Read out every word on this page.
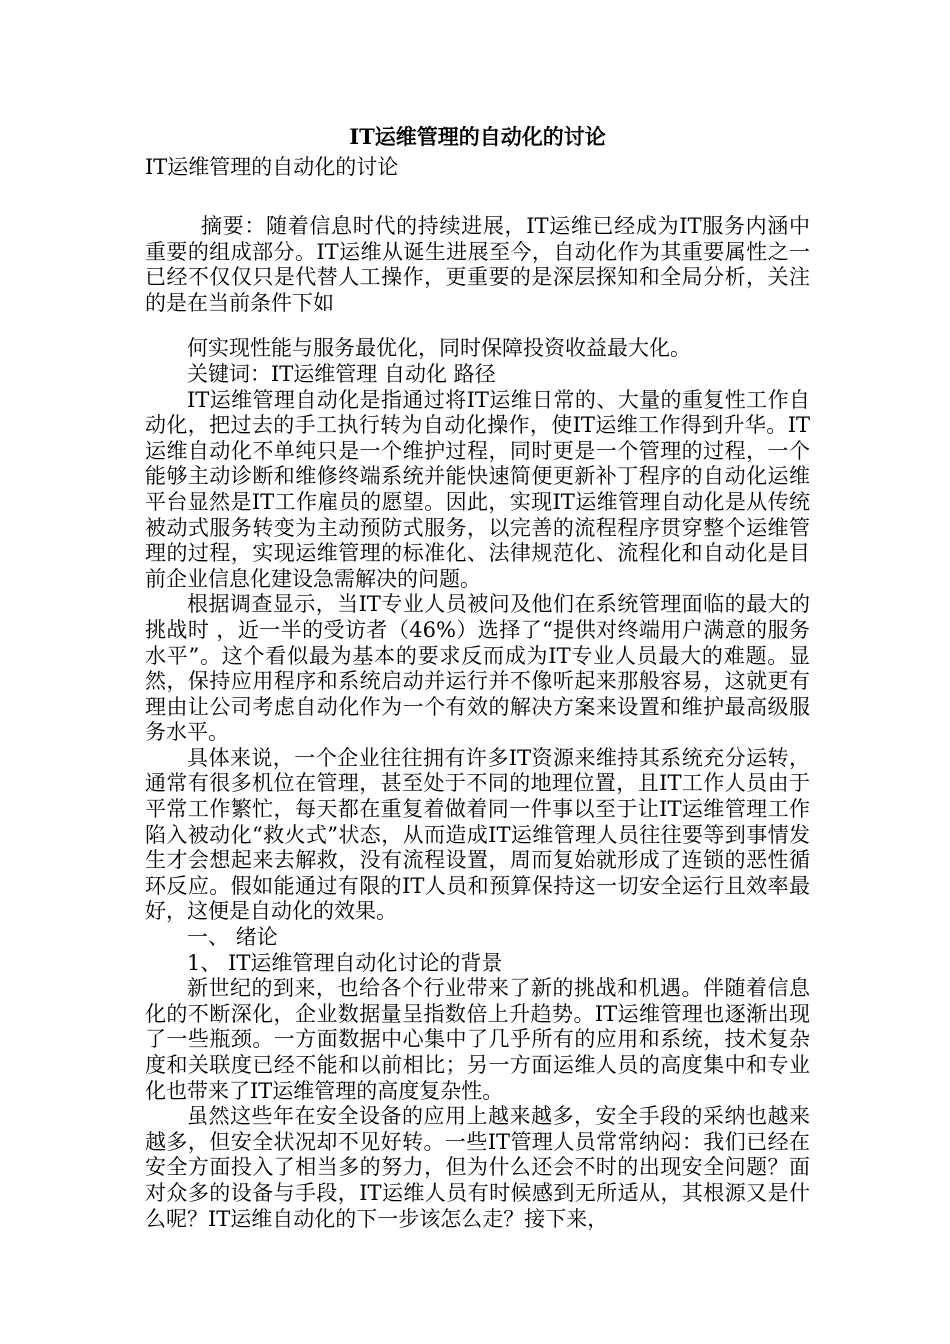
IT运维管理的自动化的讨论
IT运维管理的自动化的讨论

摘要：随着信息时代的持续进展，IT运维已经成为IT服务内涵中重要的组成部分。IT运维从诞生进展至今，自动化作为其重要属性之一已经不仅仅只是代替人工操作，更重要的是深层探知和全局分析，关注的是在当前条件下如

何实现性能与服务最优化，同时保障投资收益最大化。

关键词：IT运维管理 自动化 路径

IT运维管理自动化是指通过将IT运维日常的、大量的重复性工作自动化，把过去的手工执行转为自动化操作，使IT运维工作得到升华。IT运维自动化不单纯只是一个维护过程，同时更是一个管理的过程，一个能够主动诊断和维修终端系统并能快速简便更新补丁程序的自动化运维平台显然是IT工作雇员的愿望。因此，实现IT运维管理自动化是从传统被动式服务转变为主动预防式服务，以完善的流程程序贯穿整个运维管理的过程，实现运维管理的标准化、法律规范化、流程化和自动化是目前企业信息化建设急需解决的问题。

根据调查显示，当IT专业人员被问及他们在系统管理面临的最大的挑战时 ，近一半的受访者（46%）选择了“提供对终端用户满意的服务水平”。这个看似最为基本的要求反而成为IT专业人员最大的难题。显然，保持应用程序和系统启动并运行并不像听起来那般容易，这就更有理由让公司考虑自动化作为一个有效的解决方案来设置和维护最高级服务水平。

具体来说，一个企业往往拥有许多IT资源来维持其系统充分运转，通常有很多机位在管理，甚至处于不同的地理位置，且IT工作人员由于平常工作繁忙，每天都在重复着做着同一件事以至于让IT运维管理工作陷入被动化“救火式”状态，从而造成IT运维管理人员往往要等到事情发生才会想起来去解救，没有流程设置，周而复始就形成了连锁的恶性循环反应。假如能通过有限的IT人员和预算保持这一切安全运行且效率最好，这便是自动化的效果。

一、 绪论

1、 IT运维管理自动化讨论的背景

新世纪的到来，也给各个行业带来了新的挑战和机遇。伴随着信息化的不断深化，企业数据量呈指数倍上升趋势。IT运维管理也逐渐出现了一些瓶颈。一方面数据中心集中了几乎所有的应用和系统，技术复杂度和关联度已经不能和以前相比；另一方面运维人员的高度集中和专业化也带来了IT运维管理的高度复杂性。

虽然这些年在安全设备的应用上越来越多，安全手段的采纳也越来越多，但安全状况却不见好转。一些IT管理人员常常纳闷：我们已经在安全方面投入了相当多的努力，但为什么还会不时的出现安全问题？面对众多的设备与手段，IT运维人员有时候感到无所适从，其根源又是什么呢？IT运维自动化的下一步该怎么走？接下来，
